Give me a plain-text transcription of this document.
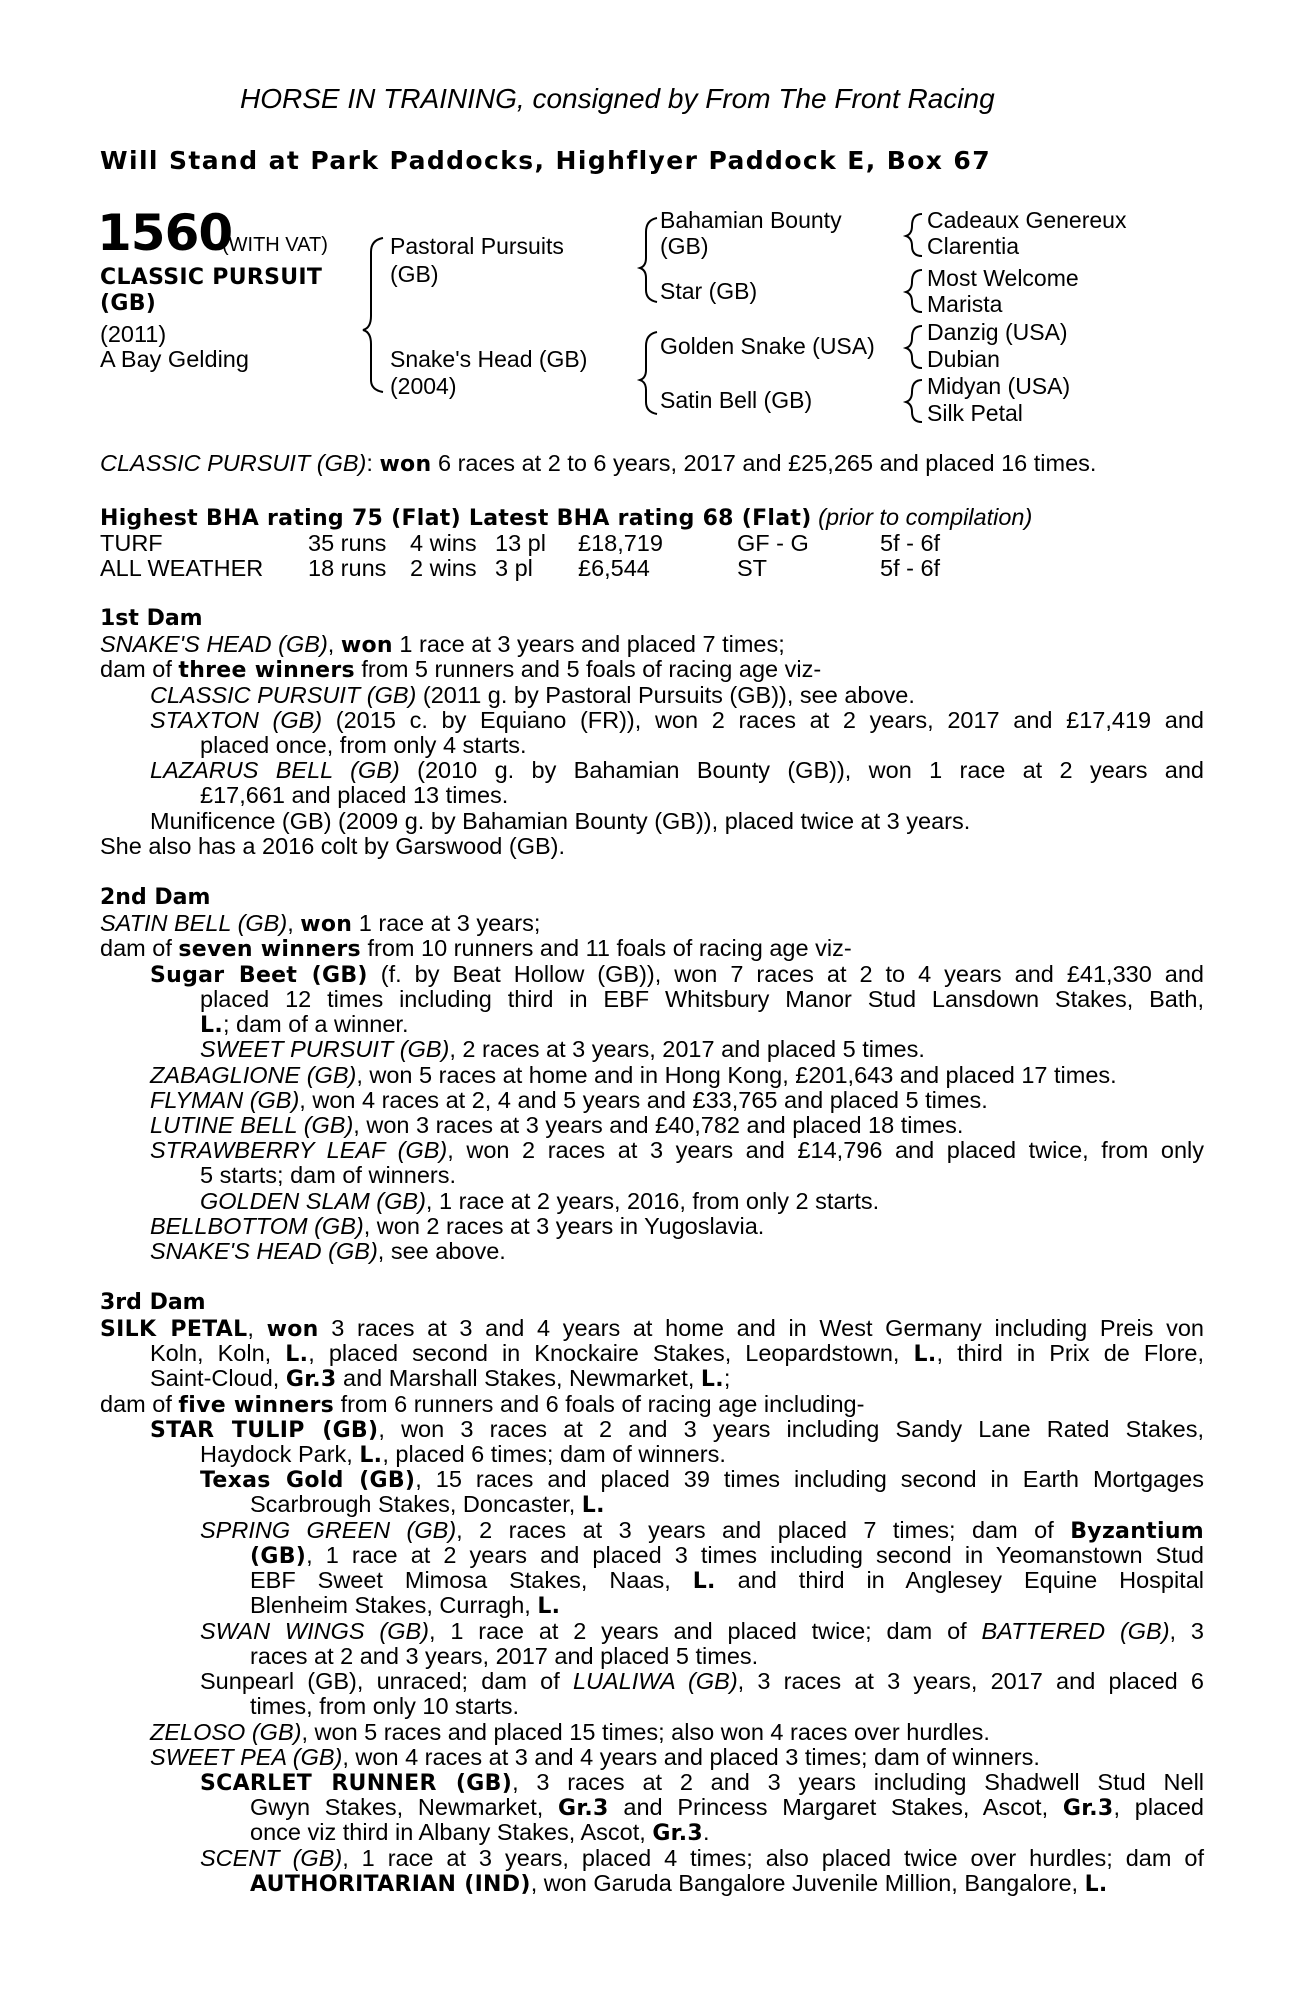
HORSE IN TRAINING, consigned by From The Front Racing
Will Stand at Park Paddocks, Highflyer Paddock E, Box 67
1560
(WITH VAT)
CLASSIC PURSUIT
(GB)
(2011)
A Bay Gelding
Pastoral Pursuits
(GB)
Snake's Head (GB)
(2004)
Bahamian Bounty
(GB)
Star (GB)
Golden Snake (USA)
Satin Bell (GB)
Cadeaux Genereux
Clarentia
Most Welcome
Marista
Danzig (USA)
Dubian
Midyan (USA)
Silk Petal
CLASSIC PURSUIT (GB): won 6 races at 2 to 6 years, 2017 and £25,265 and placed 16 times.
Highest BHA rating 75 (Flat) Latest BHA rating 68 (Flat) (prior to compilation)
TURF	35 runs 4 wins 13 pl £18,719	GF - G	5f - 6f
ALL WEATHER 18 runs 2 wins 3 pl £6,544	ST	5f - 6f
1st Dam
SNAKE'S HEAD (GB), won 1 race at 3 years and placed 7 times;
dam of three winners from 5 runners and 5 foals of racing age viz-
CLASSIC PURSUIT (GB) (2011 g. by Pastoral Pursuits (GB)), see above.
STAXTON (GB) (2015 c. by Equiano (FR)), won 2 races at 2 years, 2017 and £17,419 and
placed once, from only 4 starts.
LAZARUS BELL (GB) (2010 g. by Bahamian Bounty (GB)), won 1 race at 2 years and
£17,661 and placed 13 times.
Munificence (GB) (2009 g. by Bahamian Bounty (GB)), placed twice at 3 years.
She also has a 2016 colt by Garswood (GB).
2nd Dam
SATIN BELL (GB), won 1 race at 3 years;
dam of seven winners from 10 runners and 11 foals of racing age viz-
Sugar Beet (GB) (f. by Beat Hollow (GB)), won 7 races at 2 to 4 years and £41,330 and
placed 12 times including third in EBF Whitsbury Manor Stud Lansdown Stakes, Bath,
L.; dam of a winner.
SWEET PURSUIT (GB), 2 races at 3 years, 2017 and placed 5 times.
ZABAGLIONE (GB), won 5 races at home and in Hong Kong, £201,643 and placed 17 times.
FLYMAN (GB), won 4 races at 2, 4 and 5 years and £33,765 and placed 5 times.
LUTINE BELL (GB), won 3 races at 3 years and £40,782 and placed 18 times.
STRAWBERRY LEAF (GB), won 2 races at 3 years and £14,796 and placed twice, from only
5 starts; dam of winners.
GOLDEN SLAM (GB), 1 race at 2 years, 2016, from only 2 starts.
BELLBOTTOM (GB), won 2 races at 3 years in Yugoslavia.
SNAKE'S HEAD (GB), see above.
3rd Dam
SILK PETAL, won 3 races at 3 and 4 years at home and in West Germany including Preis von
Koln, Koln, L., placed second in Knockaire Stakes, Leopardstown, L., third in Prix de Flore,
Saint-Cloud, Gr.3 and Marshall Stakes, Newmarket, L.;
dam of five winners from 6 runners and 6 foals of racing age including-
STAR TULIP (GB), won 3 races at 2 and 3 years including Sandy Lane Rated Stakes,
Haydock Park, L., placed 6 times; dam of winners.
Texas Gold (GB), 15 races and placed 39 times including second in Earth Mortgages
Scarbrough Stakes, Doncaster, L.
SPRING GREEN (GB), 2 races at 3 years and placed 7 times; dam of Byzantium
(GB), 1 race at 2 years and placed 3 times including second in Yeomanstown Stud
EBF Sweet Mimosa Stakes, Naas, L. and third in Anglesey Equine Hospital
Blenheim Stakes, Curragh, L.
SWAN WINGS (GB), 1 race at 2 years and placed twice; dam of BATTERED (GB), 3
races at 2 and 3 years, 2017 and placed 5 times.
Sunpearl (GB), unraced; dam of LUALIWA (GB), 3 races at 3 years, 2017 and placed 6
times, from only 10 starts.
ZELOSO (GB), won 5 races and placed 15 times; also won 4 races over hurdles.
SWEET PEA (GB), won 4 races at 3 and 4 years and placed 3 times; dam of winners.
SCARLET RUNNER (GB), 3 races at 2 and 3 years including Shadwell Stud Nell
Gwyn Stakes, Newmarket, Gr.3 and Princess Margaret Stakes, Ascot, Gr.3, placed
once viz third in Albany Stakes, Ascot, Gr.3.
SCENT (GB), 1 race at 3 years, placed 4 times; also placed twice over hurdles; dam of
AUTHORITARIAN (IND), won Garuda Bangalore Juvenile Million, Bangalore, L.
